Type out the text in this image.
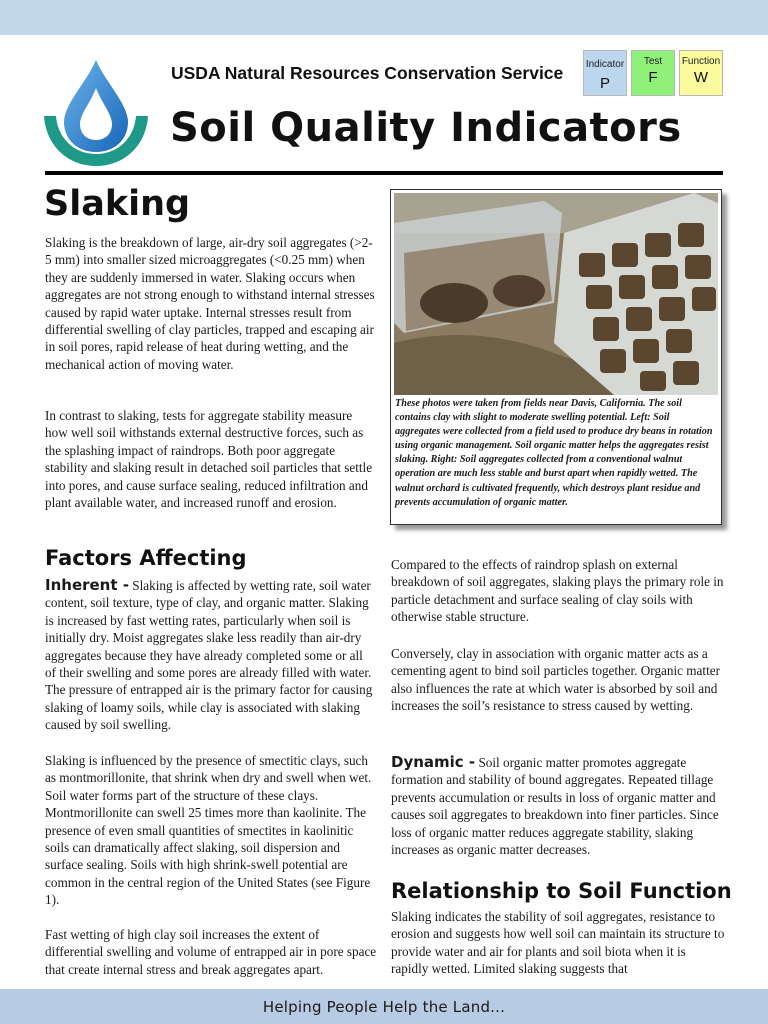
USDA Natural Resources Conservation Service
Soil Quality Indicators
Indicator
P
Test
F
Function
W
Slaking

Slaking is the breakdown of large, air-dry soil aggregates (>2-5 mm) into smaller sized microaggregates (<0.25 mm) when they are suddenly immersed in water. Slaking occurs when aggregates are not strong enough to withstand internal stresses caused by rapid water uptake. Internal stresses result from differential swelling of clay particles, trapped and escaping air in soil pores, rapid release of heat during wetting, and the mechanical action of moving water.

In contrast to slaking, tests for aggregate stability measure how well soil withstands external destructive forces, such as the splashing impact of raindrops. Both poor aggregate stability and slaking result in detached soil particles that settle into pores, and cause surface sealing, reduced infiltration and plant available water, and increased runoff and erosion.

Factors Affecting

Inherent - Slaking is affected by wetting rate, soil water content, soil texture, type of clay, and organic matter. Slaking is increased by fast wetting rates, particularly when soil is initially dry. Moist aggregates slake less readily than air-dry aggregates because they have already completed some or all of their swelling and some pores are already filled with water. The pressure of entrapped air is the primary factor for causing slaking of loamy soils, while clay is associated with slaking caused by soil swelling.

Slaking is influenced by the presence of smectitic clays, such as montmorillonite, that shrink when dry and swell when wet. Soil water forms part of the structure of these clays. Montmorillonite can swell 25 times more than kaolinite. The presence of even small quantities of smectites in kaolinitic soils can dramatically affect slaking, soil dispersion and surface sealing. Soils with high shrink-swell potential are common in the central region of the United States (see Figure 1).

Fast wetting of high clay soil increases the extent of differential swelling and volume of entrapped air in pore space that create internal stress and break aggregates apart.

These photos were taken from fields near Davis, California. The soil contains clay with slight to moderate swelling potential. Left: Soil aggregates were collected from a field used to produce dry beans in rotation using organic management. Soil organic matter helps the aggregates resist slaking. Right: Soil aggregates collected from a conventional walnut operation are much less stable and burst apart when rapidly wetted. The walnut orchard is cultivated frequently, which destroys plant residue and prevents accumulation of organic matter.

Compared to the effects of raindrop splash on external breakdown of soil aggregates, slaking plays the primary role in particle detachment and surface sealing of clay soils with otherwise stable structure.

Conversely, clay in association with organic matter acts as a cementing agent to bind soil particles together. Organic matter also influences the rate at which water is absorbed by soil and increases the soil’s resistance to stress caused by wetting.

Dynamic - Soil organic matter promotes aggregate formation and stability of bound aggregates. Repeated tillage prevents accumulation or results in loss of organic matter and causes soil aggregates to breakdown into finer particles. Since loss of organic matter reduces aggregate stability, slaking increases as organic matter decreases.

Relationship to Soil Function

Slaking indicates the stability of soil aggregates, resistance to erosion and suggests how well soil can maintain its structure to provide water and air for plants and soil biota when it is rapidly wetted. Limited slaking suggests that

Helping People Help the Land...
